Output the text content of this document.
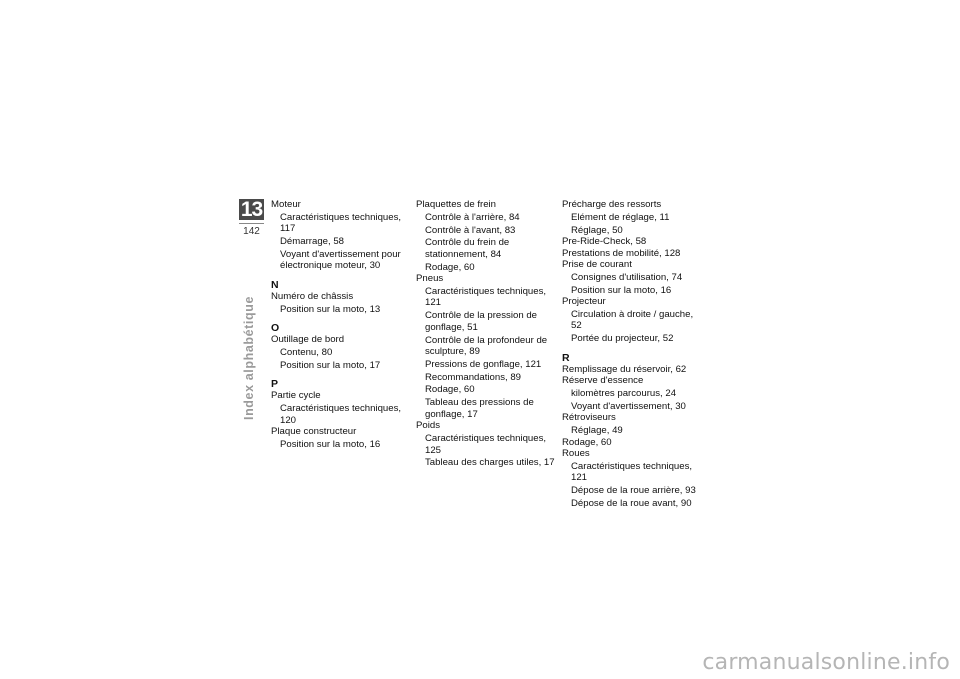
13
142
Index alphabétique
Moteur
Caractéristiques techniques, 117
Démarrage, 58
Voyant d'avertissement pour électronique moteur, 30
N
Numéro de châssis
Position sur la moto, 13
O
Outillage de bord
Contenu, 80
Position sur la moto, 17
P
Partie cycle
Caractéristiques techniques, 120
Plaque constructeur
Position sur la moto, 16
Plaquettes de frein
Contrôle à l'arrière, 84
Contrôle à l'avant, 83
Contrôle du frein de stationnement, 84
Rodage, 60
Pneus
Caractéristiques techniques, 121
Contrôle de la pression de gonflage, 51
Contrôle de la profondeur de sculpture, 89
Pressions de gonflage, 121
Recommandations, 89
Rodage, 60
Tableau des pressions de gonflage, 17
Poids
Caractéristiques techniques, 125
Tableau des charges utiles, 17
Précharge des ressorts
Elément de réglage, 11
Réglage, 50
Pre-Ride-Check, 58
Prestations de mobilité, 128
Prise de courant
Consignes d'utilisation, 74
Position sur la moto, 16
Projecteur
Circulation à droite / gauche, 52
Portée du projecteur, 52
R
Remplissage du réservoir, 62
Réserve d'essence
kilomètres parcourus, 24
Voyant d'avertissement, 30
Rétroviseurs
Réglage, 49
Rodage, 60
Roues
Caractéristiques techniques, 121
Dépose de la roue arrière, 93
Dépose de la roue avant, 90
carmanualsonline.info
